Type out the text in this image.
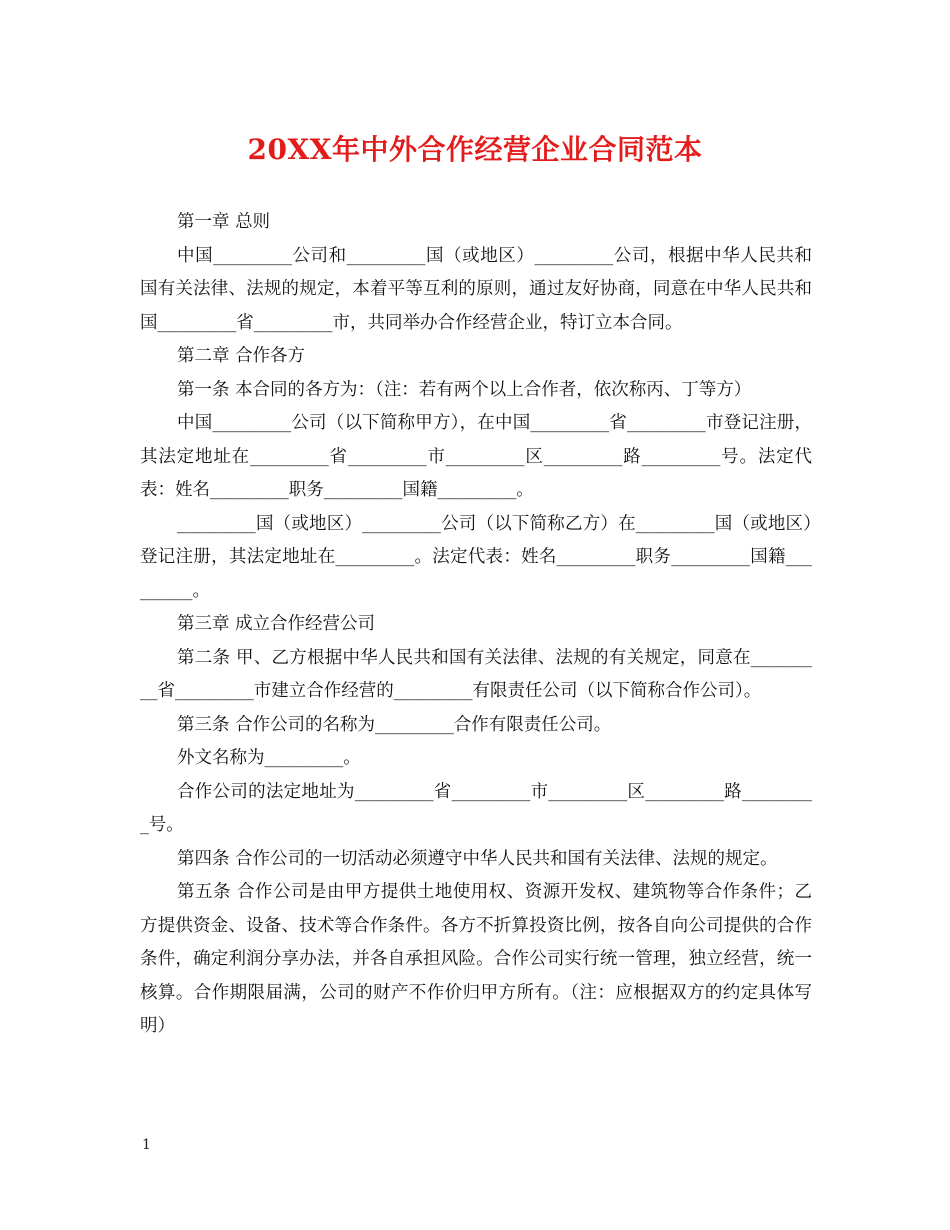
20XX年中外合作经营企业合同范本

第一章 总则

中国_________公司和_________国（或地区）_________公司，根据中华人民共和国有关法律、法规的规定，本着平等互利的原则，通过友好协商，同意在中华人民共和国_________省_________市，共同举办合作经营企业，特订立本合同。

第二章 合作各方

第一条 本合同的各方为：（注：若有两个以上合作者，依次称丙、丁等方）

中国_________公司（以下简称甲方），在中国_________省_________市登记注册，其法定地址在_________省_________市_________区_________路_________号。法定代表：姓名_________职务_________国籍_________。

_________国（或地区）_________公司（以下简称乙方）在_________国（或地区）登记注册，其法定地址在_________。法定代表：姓名_________职务_________国籍_________。

第三章 成立合作经营公司

第二条 甲、乙方根据中华人民共和国有关法律、法规的有关规定，同意在_________省_________市建立合作经营的_________有限责任公司（以下简称合作公司）。

第三条 合作公司的名称为_________合作有限责任公司。

外文名称为_________。

合作公司的法定地址为_________省_________市_________区_________路_________号。

第四条 合作公司的一切活动必须遵守中华人民共和国有关法律、法规的规定。

第五条 合作公司是由甲方提供土地使用权、资源开发权、建筑物等合作条件；乙方提供资金、设备、技术等合作条件。各方不折算投资比例，按各自向公司提供的合作条件，确定利润分享办法，并各自承担风险。合作公司实行统一管理，独立经营，统一核算。合作期限届满，公司的财产不作价归甲方所有。（注：应根据双方的约定具体写明）

1
